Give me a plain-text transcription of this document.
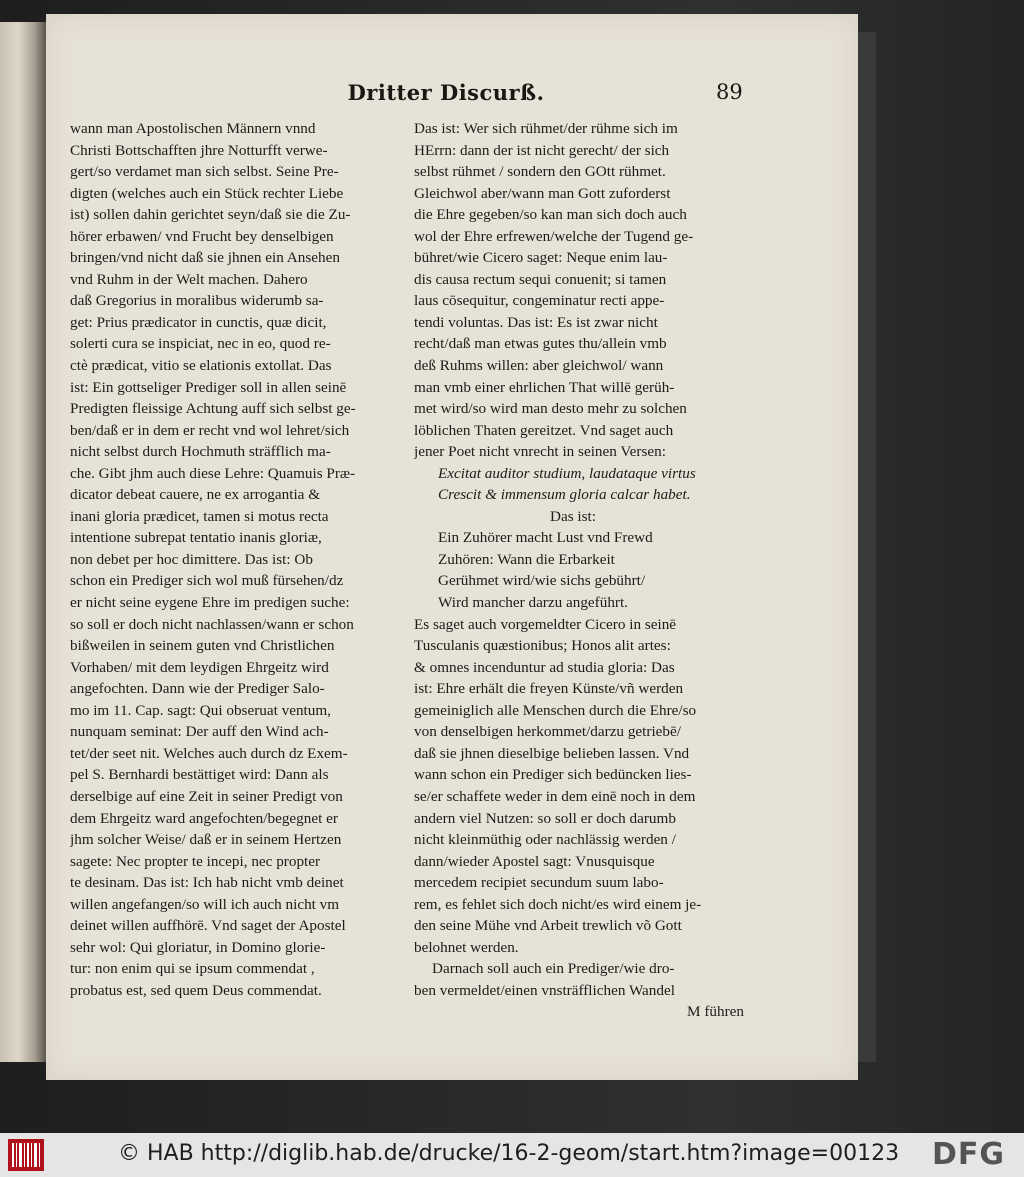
Dritter Discurß.	89
wann man Apostolischen Männern vnnd
Christi Bottschafften jhre Notturfft verwe-
gert/so verdamet man sich selbst. Seine Pre-
digten (welches auch ein Stück rechter Liebe
ist) sollen dahin gerichtet seyn/daß sie die Zu-
hörer erbawen/ vnd Frucht bey denselbigen
bringen/vnd nicht daß sie jhnen ein Ansehen
vnd Ruhm in der Welt machen. Dahero
daß Gregorius in moralibus widerumb sa-
get: Prius prædicator in cunctis, quæ dicit,
solerti cura se inspiciat, nec in eo, quod re-
ctè prædicat, vitio se elationis extollat. Das
ist: Ein gottseliger Prediger soll in allen seinē
Predigten fleissige Achtung auff sich selbst ge-
ben/daß er in dem er recht vnd wol lehret/sich
nicht selbst durch Hochmuth sträfflich ma-
che. Gibt jhm auch diese Lehre: Quamuis Præ-
dicator debeat cauere, ne ex arrogantia &
inani gloria prædicet, tamen si motus recta
intentione subrepat tentatio inanis gloriæ,
non debet per hoc dimittere. Das ist: Ob
schon ein Prediger sich wol muß fürsehen/dz
er nicht seine eygene Ehre im predigen suche:
so soll er doch nicht nachlassen/wann er schon
bißweilen in seinem guten vnd Christlichen
Vorhaben/ mit dem leydigen Ehrgeitz wird
angefochten. Dann wie der Prediger Salo-
mo im 11. Cap. sagt: Qui obseruat ventum,
nunquam seminat: Der auff den Wind ach-
tet/der seet nit. Welches auch durch dz Exem-
pel S. Bernhardi bestättiget wird: Dann als
derselbige auf eine Zeit in seiner Predigt von
dem Ehrgeitz ward angefochten/begegnet er
jhm solcher Weise/ daß er in seinem Hertzen
sagete: Nec propter te incepi, nec propter
te desinam. Das ist: Ich hab nicht vmb deinet
willen angefangen/so will ich auch nicht vm
deinet willen auffhörē. Vnd saget der Apostel
sehr wol: Qui gloriatur, in Domino glorie-
tur: non enim qui se ipsum commendat ,
probatus est, sed quem Deus commendat.
Das ist: Wer sich rühmet/der rühme sich im
HErrn: dann der ist nicht gerecht/ der sich
selbst rühmet / sondern den GOtt rühmet.
Gleichwol aber/wann man Gott zuforderst
die Ehre gegeben/so kan man sich doch auch
wol der Ehre erfrewen/welche der Tugend ge-
bühret/wie Cicero saget: Neque enim lau-
dis causa rectum sequi conuenit; si tamen
laus cōsequitur, congeminatur recti appe-
tendi voluntas. Das ist: Es ist zwar nicht
recht/daß man etwas gutes thu/allein vmb
deß Ruhms willen: aber gleichwol/ wann
man vmb einer ehrlichen That willē gerüh-
met wird/so wird man desto mehr zu solchen
löblichen Thaten gereitzet. Vnd saget auch
jener Poet nicht vnrecht in seinen Versen:
Excitat auditor studium, laudataque virtus
Crescit & immensum gloria calcar habet.
Das ist:
Ein Zuhörer macht Lust vnd Frewd
Zuhören: Wann die Erbarkeit
Gerühmet wird/wie sichs gebührt/
Wird mancher darzu angeführt.
Es saget auch vorgemeldter Cicero in seinē
Tusculanis quæstionibus; Honos alit artes:
& omnes incenduntur ad studia gloria: Das
ist: Ehre erhält die freyen Künste/vñ werden
gemeiniglich alle Menschen durch die Ehre/so
von denselbigen herkommet/darzu getriebē/
daß sie jhnen dieselbige belieben lassen. Vnd
wann schon ein Prediger sich bedüncken lies-
se/er schaffete weder in dem einē noch in dem
andern viel Nutzen: so soll er doch darumb
nicht kleinmüthig oder nachlässig werden /
dann/wieder Apostel sagt: Vnusquisque
mercedem recipiet secundum suum labo-
rem, es fehlet sich doch nicht/es wird einem je-
den seine Mühe vnd Arbeit trewlich võ Gott
belohnet werden.
Darnach soll auch ein Prediger/wie dro-
ben vermeldet/einen vnsträfflichen Wandel
M führen
© HAB http://diglib.hab.de/drucke/16-2-geom/start.htm?image=00123 DFG
